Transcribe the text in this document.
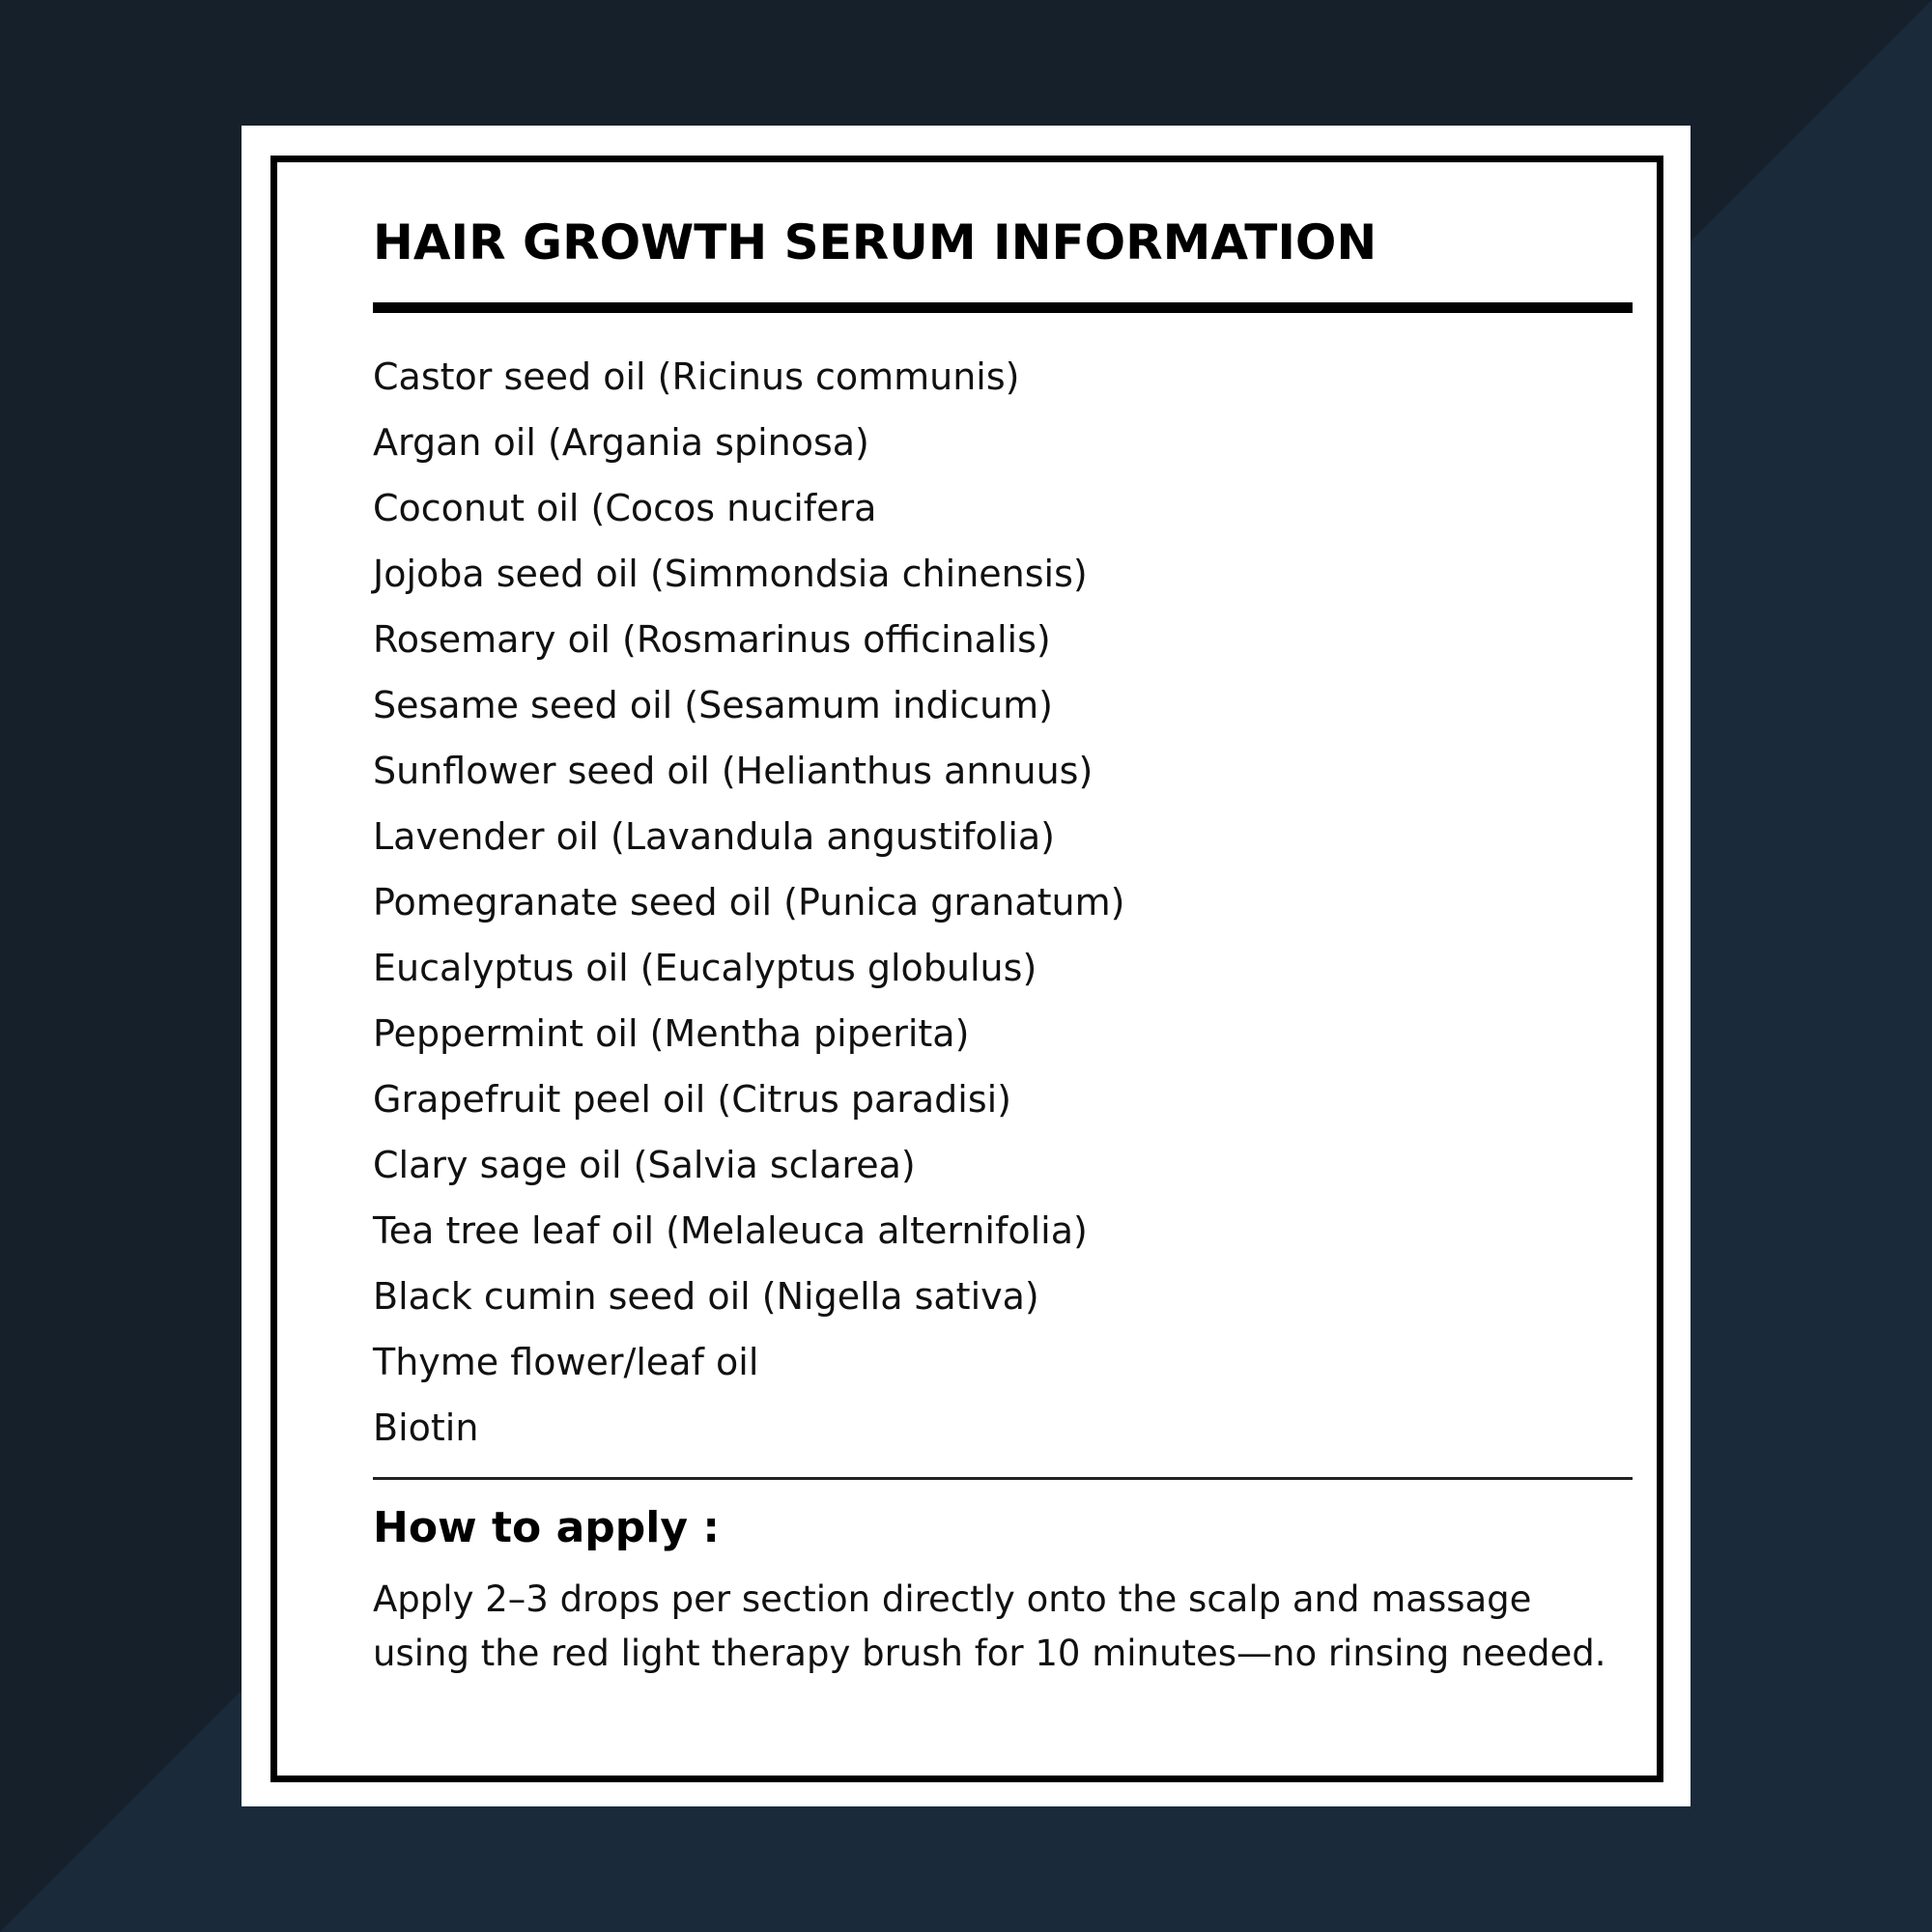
HAIR GROWTH SERUM INFORMATION
Castor seed oil (Ricinus communis)
Argan oil (Argania spinosa)
Coconut oil (Cocos nucifera
Jojoba seed oil (Simmondsia chinensis)
Rosemary oil (Rosmarinus officinalis)
Sesame seed oil (Sesamum indicum)
Sunflower seed oil (Helianthus annuus)
Lavender oil (Lavandula angustifolia)
Pomegranate seed oil (Punica granatum)
Eucalyptus oil (Eucalyptus globulus)
Peppermint oil (Mentha piperita)
Grapefruit peel oil (Citrus paradisi)
Clary sage oil (Salvia sclarea)
Tea tree leaf oil (Melaleuca alternifolia)
Black cumin seed oil (Nigella sativa)
Thyme flower/leaf oil
Biotin
How to apply :

Apply 2–3 drops per section directly onto the scalp and massage using the red light therapy brush for 10 minutes—no rinsing needed.
